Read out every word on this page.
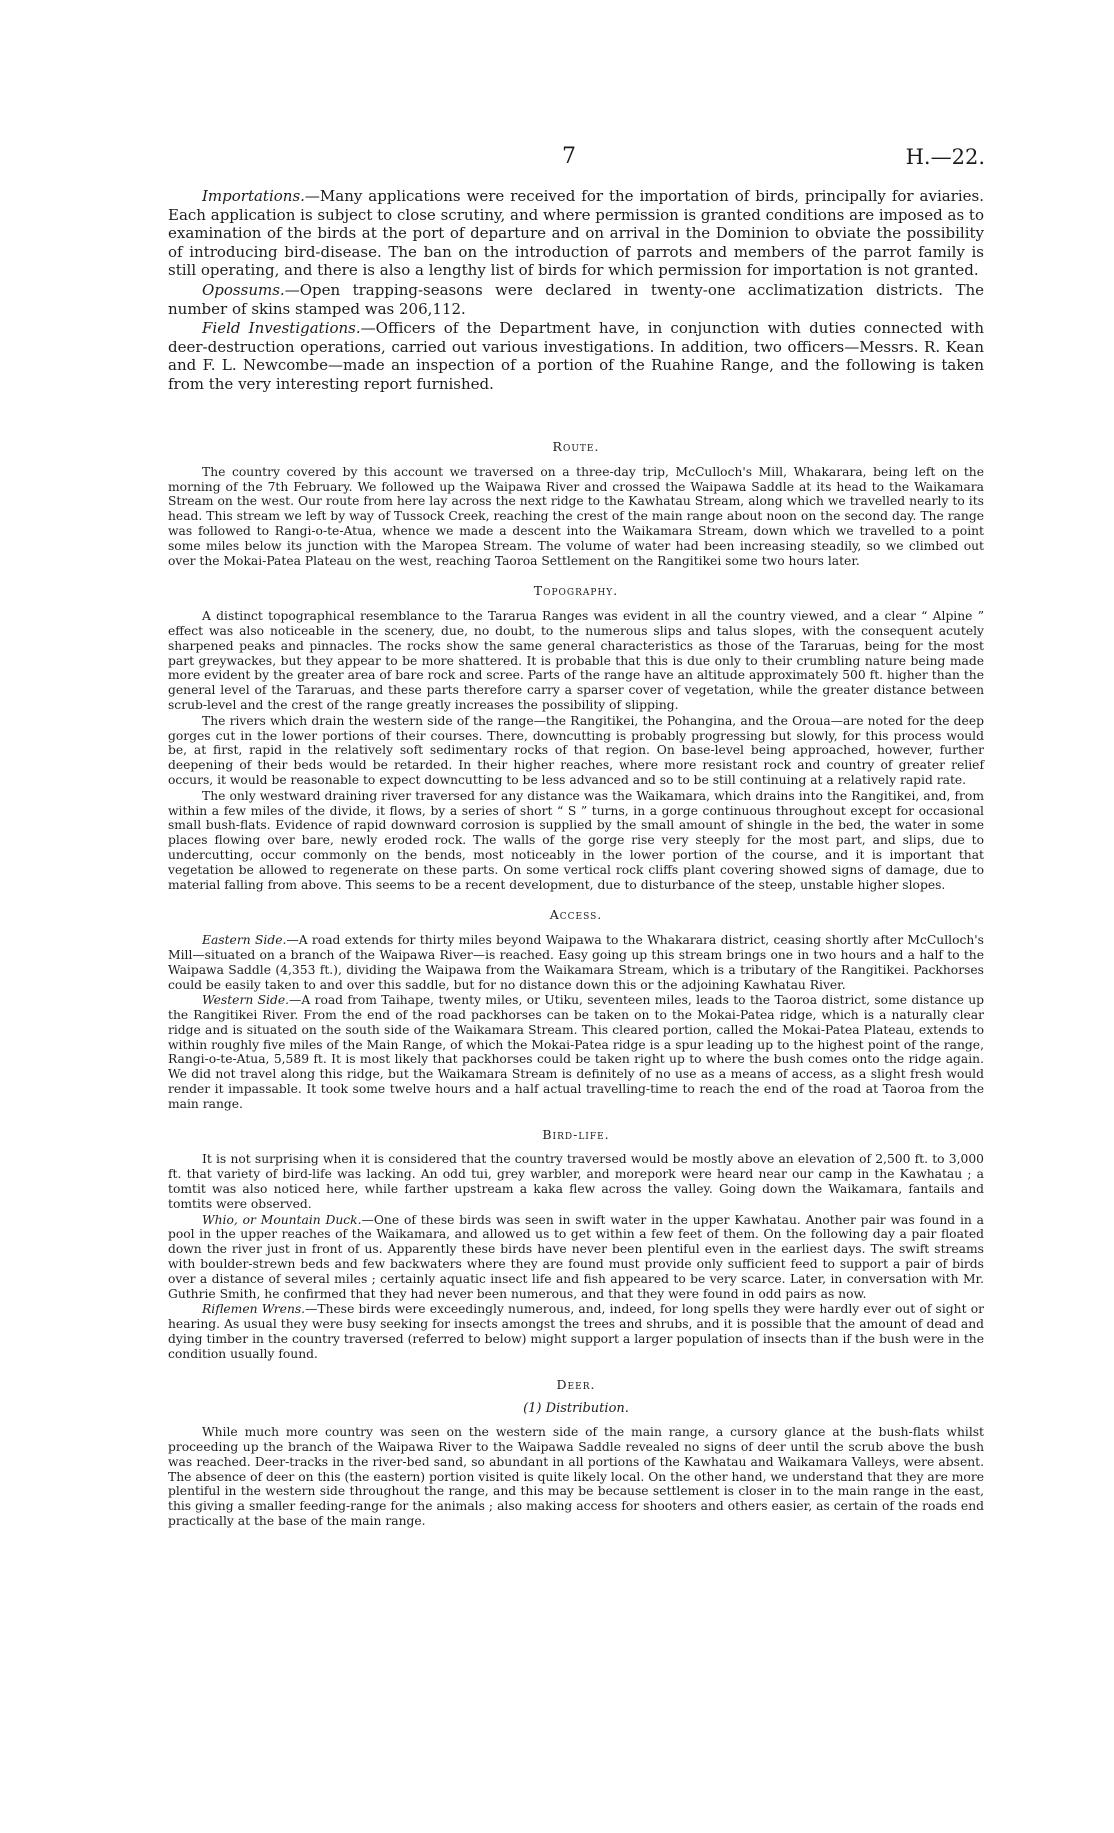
7	H.—22.

Importations.—Many applications were received for the importation of birds, principally for aviaries. Each application is subject to close scrutiny, and where permission is granted conditions are imposed as to examination of the birds at the port of departure and on arrival in the Dominion to obviate the possibility of introducing bird-disease. The ban on the introduction of parrots and members of the parrot family is still operating, and there is also a lengthy list of birds for which permission for importation is not granted.

Opossums.—Open trapping-seasons were declared in twenty-one acclimatization districts. The number of skins stamped was 206,112.

Field Investigations.—Officers of the Department have, in conjunction with duties connected with deer-destruction operations, carried out various investigations. In addition, two officers—Messrs. R. Kean and F. L. Newcombe—made an inspection of a portion of the Ruahine Range, and the following is taken from the very interesting report furnished.

Route.

The country covered by this account we traversed on a three-day trip, McCulloch's Mill, Whakarara, being left on the morning of the 7th February. We followed up the Waipawa River and crossed the Waipawa Saddle at its head to the Waikamara Stream on the west. Our route from here lay across the next ridge to the Kawhatau Stream, along which we travelled nearly to its head. This stream we left by way of Tussock Creek, reaching the crest of the main range about noon on the second day. The range was followed to Rangi-o-te-Atua, whence we made a descent into the Waikamara Stream, down which we travelled to a point some miles below its junction with the Maropea Stream. The volume of water had been increasing steadily, so we climbed out over the Mokai-Patea Plateau on the west, reaching Taoroa Settlement on the Rangitikei some two hours later.

Topography.

A distinct topographical resemblance to the Tararua Ranges was evident in all the country viewed, and a clear “ Alpine ” effect was also noticeable in the scenery, due, no doubt, to the numerous slips and talus slopes, with the consequent acutely sharpened peaks and pinnacles. The rocks show the same general characteristics as those of the Tararuas, being for the most part greywackes, but they appear to be more shattered. It is probable that this is due only to their crumbling nature being made more evident by the greater area of bare rock and scree. Parts of the range have an altitude approximately 500 ft. higher than the general level of the Tararuas, and these parts therefore carry a sparser cover of vegetation, while the greater distance between scrub-level and the crest of the range greatly increases the possibility of slipping.

The rivers which drain the western side of the range—the Rangitikei, the Pohangina, and the Oroua—are noted for the deep gorges cut in the lower portions of their courses. There, downcutting is probably progressing but slowly, for this process would be, at first, rapid in the relatively soft sedimentary rocks of that region. On base-level being approached, however, further deepening of their beds would be retarded. In their higher reaches, where more resistant rock and country of greater relief occurs, it would be reasonable to expect downcutting to be less advanced and so to be still continuing at a relatively rapid rate.

The only westward draining river traversed for any distance was the Waikamara, which drains into the Rangitikei, and, from within a few miles of the divide, it flows, by a series of short “ S ” turns, in a gorge continuous throughout except for occasional small bush-flats. Evidence of rapid downward corrosion is supplied by the small amount of shingle in the bed, the water in some places flowing over bare, newly eroded rock. The walls of the gorge rise very steeply for the most part, and slips, due to undercutting, occur commonly on the bends, most noticeably in the lower portion of the course, and it is important that vegetation be allowed to regenerate on these parts. On some vertical rock cliffs plant covering showed signs of damage, due to material falling from above. This seems to be a recent development, due to disturbance of the steep, unstable higher slopes.

Access.

Eastern Side.—A road extends for thirty miles beyond Waipawa to the Whakarara district, ceasing shortly after McCulloch's Mill—situated on a branch of the Waipawa River—is reached. Easy going up this stream brings one in two hours and a half to the Waipawa Saddle (4,353 ft.), dividing the Waipawa from the Waikamara Stream, which is a tributary of the Rangitikei. Packhorses could be easily taken to and over this saddle, but for no distance down this or the adjoining Kawhatau River.

Western Side.—A road from Taihape, twenty miles, or Utiku, seventeen miles, leads to the Taoroa district, some distance up the Rangitikei River. From the end of the road packhorses can be taken on to the Mokai-Patea ridge, which is a naturally clear ridge and is situated on the south side of the Waikamara Stream. This cleared portion, called the Mokai-Patea Plateau, extends to within roughly five miles of the Main Range, of which the Mokai-Patea ridge is a spur leading up to the highest point of the range, Rangi-o-te-Atua, 5,589 ft. It is most likely that packhorses could be taken right up to where the bush comes onto the ridge again. We did not travel along this ridge, but the Waikamara Stream is definitely of no use as a means of access, as a slight fresh would render it impassable. It took some twelve hours and a half actual travelling-time to reach the end of the road at Taoroa from the main range.

Bird-life.

It is not surprising when it is considered that the country traversed would be mostly above an elevation of 2,500 ft. to 3,000 ft. that variety of bird-life was lacking. An odd tui, grey warbler, and morepork were heard near our camp in the Kawhatau ; a tomtit was also noticed here, while farther upstream a kaka flew across the valley. Going down the Waikamara, fantails and tomtits were observed.

Whio, or Mountain Duck.—One of these birds was seen in swift water in the upper Kawhatau. Another pair was found in a pool in the upper reaches of the Waikamara, and allowed us to get within a few feet of them. On the following day a pair floated down the river just in front of us. Apparently these birds have never been plentiful even in the earliest days. The swift streams with boulder-strewn beds and few backwaters where they are found must provide only sufficient feed to support a pair of birds over a distance of several miles ; certainly aquatic insect life and fish appeared to be very scarce. Later, in conversation with Mr. Guthrie Smith, he confirmed that they had never been numerous, and that they were found in odd pairs as now.

Riflemen Wrens.—These birds were exceedingly numerous, and, indeed, for long spells they were hardly ever out of sight or hearing. As usual they were busy seeking for insects amongst the trees and shrubs, and it is possible that the amount of dead and dying timber in the country traversed (referred to below) might support a larger population of insects than if the bush were in the condition usually found.

Deer.
(1) Distribution.

While much more country was seen on the western side of the main range, a cursory glance at the bush-flats whilst proceeding up the branch of the Waipawa River to the Waipawa Saddle revealed no signs of deer until the scrub above the bush was reached. Deer-tracks in the river-bed sand, so abundant in all portions of the Kawhatau and Waikamara Valleys, were absent. The absence of deer on this (the eastern) portion visited is quite likely local. On the other hand, we understand that they are more plentiful in the western side throughout the range, and this may be because settlement is closer in to the main range in the east, this giving a smaller feeding-range for the animals ; also making access for shooters and others easier, as certain of the roads end practically at the base of the main range.
